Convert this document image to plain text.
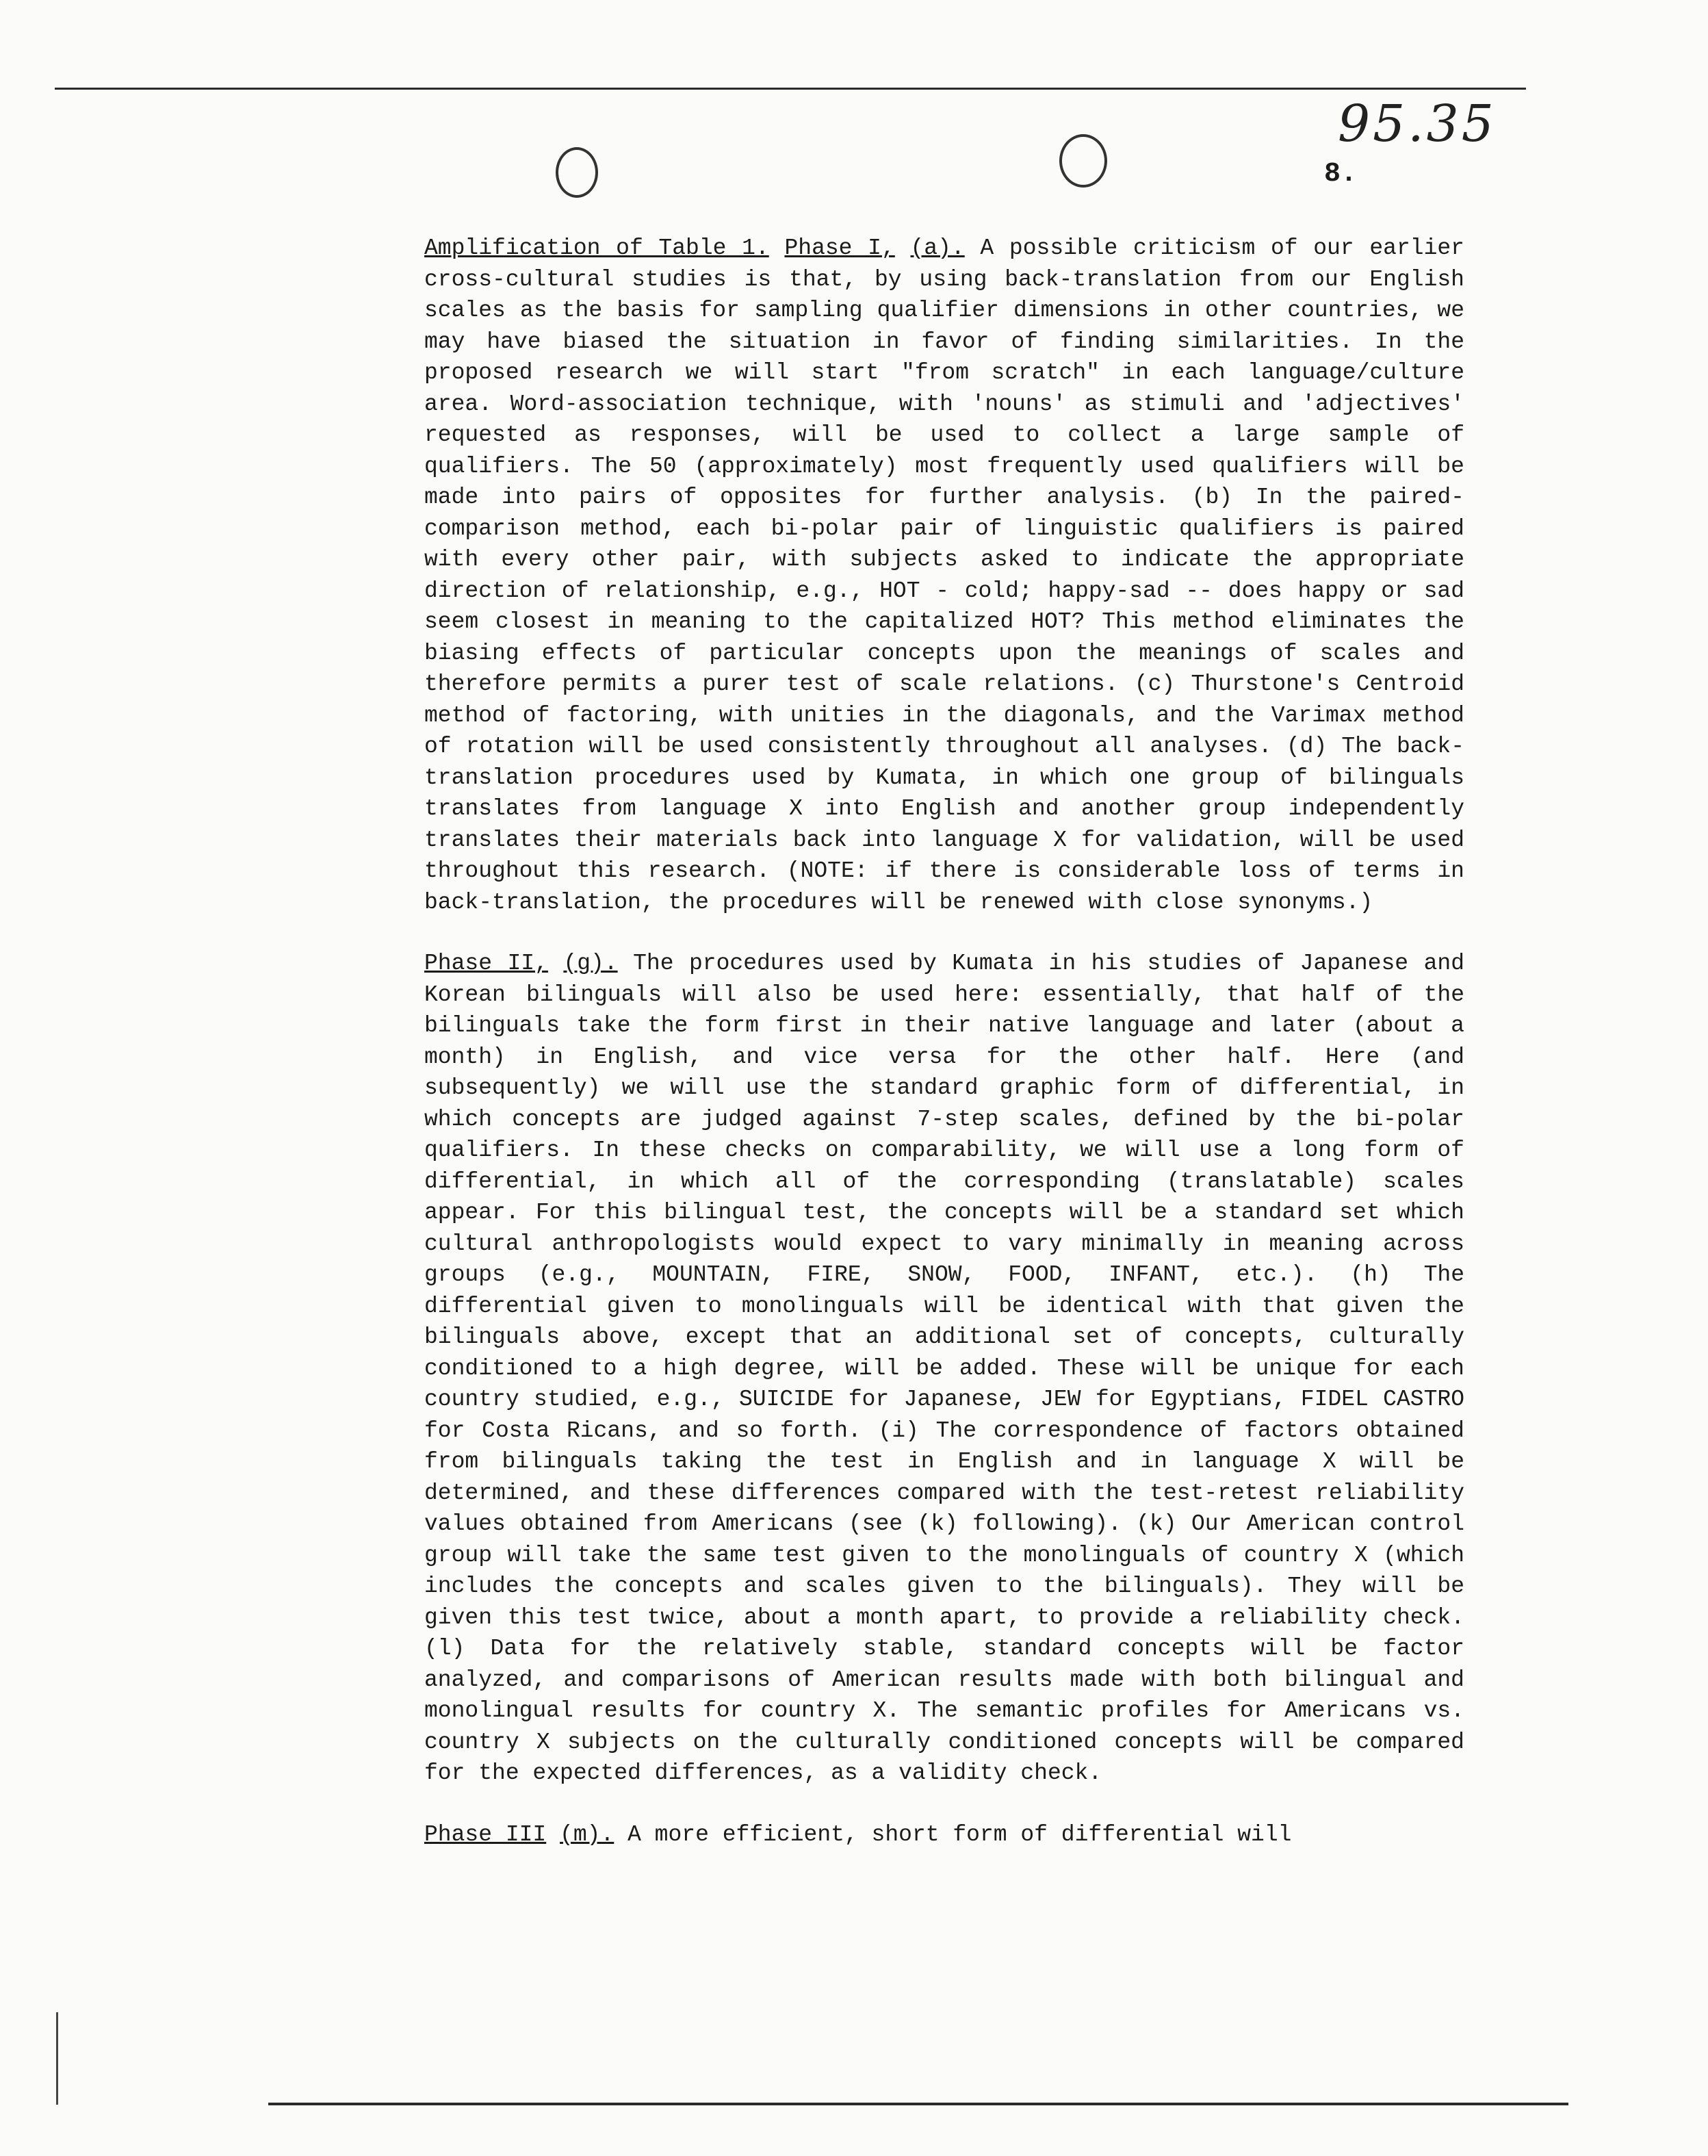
95.35
8.

Amplification of Table 1. Phase I, (a). A possible criticism of our earlier cross-cultural studies is that, by using back-translation from our English scales as the basis for sampling qualifier dimensions in other countries, we may have biased the situation in favor of finding similarities. In the proposed research we will start "from scratch" in each language/culture area. Word-association technique, with 'nouns' as stimuli and 'adjectives' requested as responses, will be used to collect a large sample of qualifiers. The 50 (approximately) most frequently used qualifiers will be made into pairs of opposites for further analysis. (b) In the paired-comparison method, each bi-polar pair of linguistic qualifiers is paired with every other pair, with subjects asked to indicate the appropriate direction of relationship, e.g., HOT - cold; happy-sad -- does happy or sad seem closest in meaning to the capitalized HOT? This method eliminates the biasing effects of particular concepts upon the meanings of scales and therefore permits a purer test of scale relations. (c) Thurstone's Centroid method of factoring, with unities in the diagonals, and the Varimax method of rotation will be used consistently throughout all analyses. (d) The back-translation procedures used by Kumata, in which one group of bilinguals translates from language X into English and another group independently translates their materials back into language X for validation, will be used throughout this research. (NOTE: if there is considerable loss of terms in back-translation, the procedures will be renewed with close synonyms.)

Phase II, (g). The procedures used by Kumata in his studies of Japanese and Korean bilinguals will also be used here: essentially, that half of the bilinguals take the form first in their native language and later (about a month) in English, and vice versa for the other half. Here (and subsequently) we will use the standard graphic form of differential, in which concepts are judged against 7-step scales, defined by the bi-polar qualifiers. In these checks on comparability, we will use a long form of differential, in which all of the corresponding (translatable) scales appear. For this bilingual test, the concepts will be a standard set which cultural anthropologists would expect to vary minimally in meaning across groups (e.g., MOUNTAIN, FIRE, SNOW, FOOD, INFANT, etc.). (h) The differential given to monolinguals will be identical with that given the bilinguals above, except that an additional set of concepts, culturally conditioned to a high degree, will be added. These will be unique for each country studied, e.g., SUICIDE for Japanese, JEW for Egyptians, FIDEL CASTRO for Costa Ricans, and so forth. (i) The correspondence of factors obtained from bilinguals taking the test in English and in language X will be determined, and these differences compared with the test-retest reliability values obtained from Americans (see (k) following). (k) Our American control group will take the same test given to the monolinguals of country X (which includes the concepts and scales given to the bilinguals). They will be given this test twice, about a month apart, to provide a reliability check. (l) Data for the relatively stable, standard concepts will be factor analyzed, and comparisons of American results made with both bilingual and monolingual results for country X. The semantic profiles for Americans vs. country X subjects on the culturally conditioned concepts will be compared for the expected differences, as a validity check.

Phase III (m). A more efficient, short form of differential will
